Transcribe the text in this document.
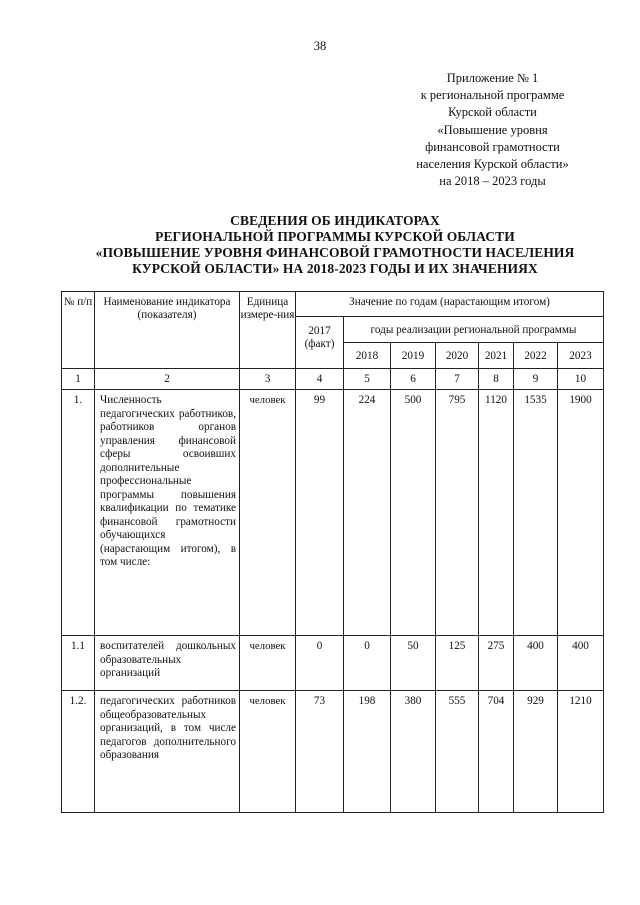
38
Приложение № 1
к региональной программе
Курской области
«Повышение уровня
финансовой грамотности
населения Курской области»
на 2018 – 2023 годы
СВЕДЕНИЯ ОБ ИНДИКАТОРАХ
РЕГИОНАЛЬНОЙ ПРОГРАММЫ КУРСКОЙ ОБЛАСТИ
«ПОВЫШЕНИЕ УРОВНЯ ФИНАНСОВОЙ ГРАМОТНОСТИ НАСЕЛЕНИЯ
КУРСКОЙ ОБЛАСТИ» НА 2018-2023 ГОДЫ И ИХ ЗНАЧЕНИЯХ
№ п/п	Наименование индикатора (показателя)	Единица измере-ния	Значение по годам (нарастающим итогом)						
			2017 (факт)	годы реализации региональной программы					
				2018	2019	2020	2021	2022	2023
1	2	3	4	5	6	7	8	9	10
1.	Численность педагогических работников, работников органов управления финансовой сферы освоивших дополнительные профессиональные программы повышения квалификации по тематике финансовой грамотности обучающихся (нарастающим итогом), в том числе:	человек	99	224	500	795	1120	1535	1900
1.1	воспитателей дошкольных образовательных организаций	человек	0	0	50	125	275	400	400
1.2.	педагогических работников общеобразовательных организаций, в том числе педагогов дополнительного образования	человек	73	198	380	555	704	929	1210
